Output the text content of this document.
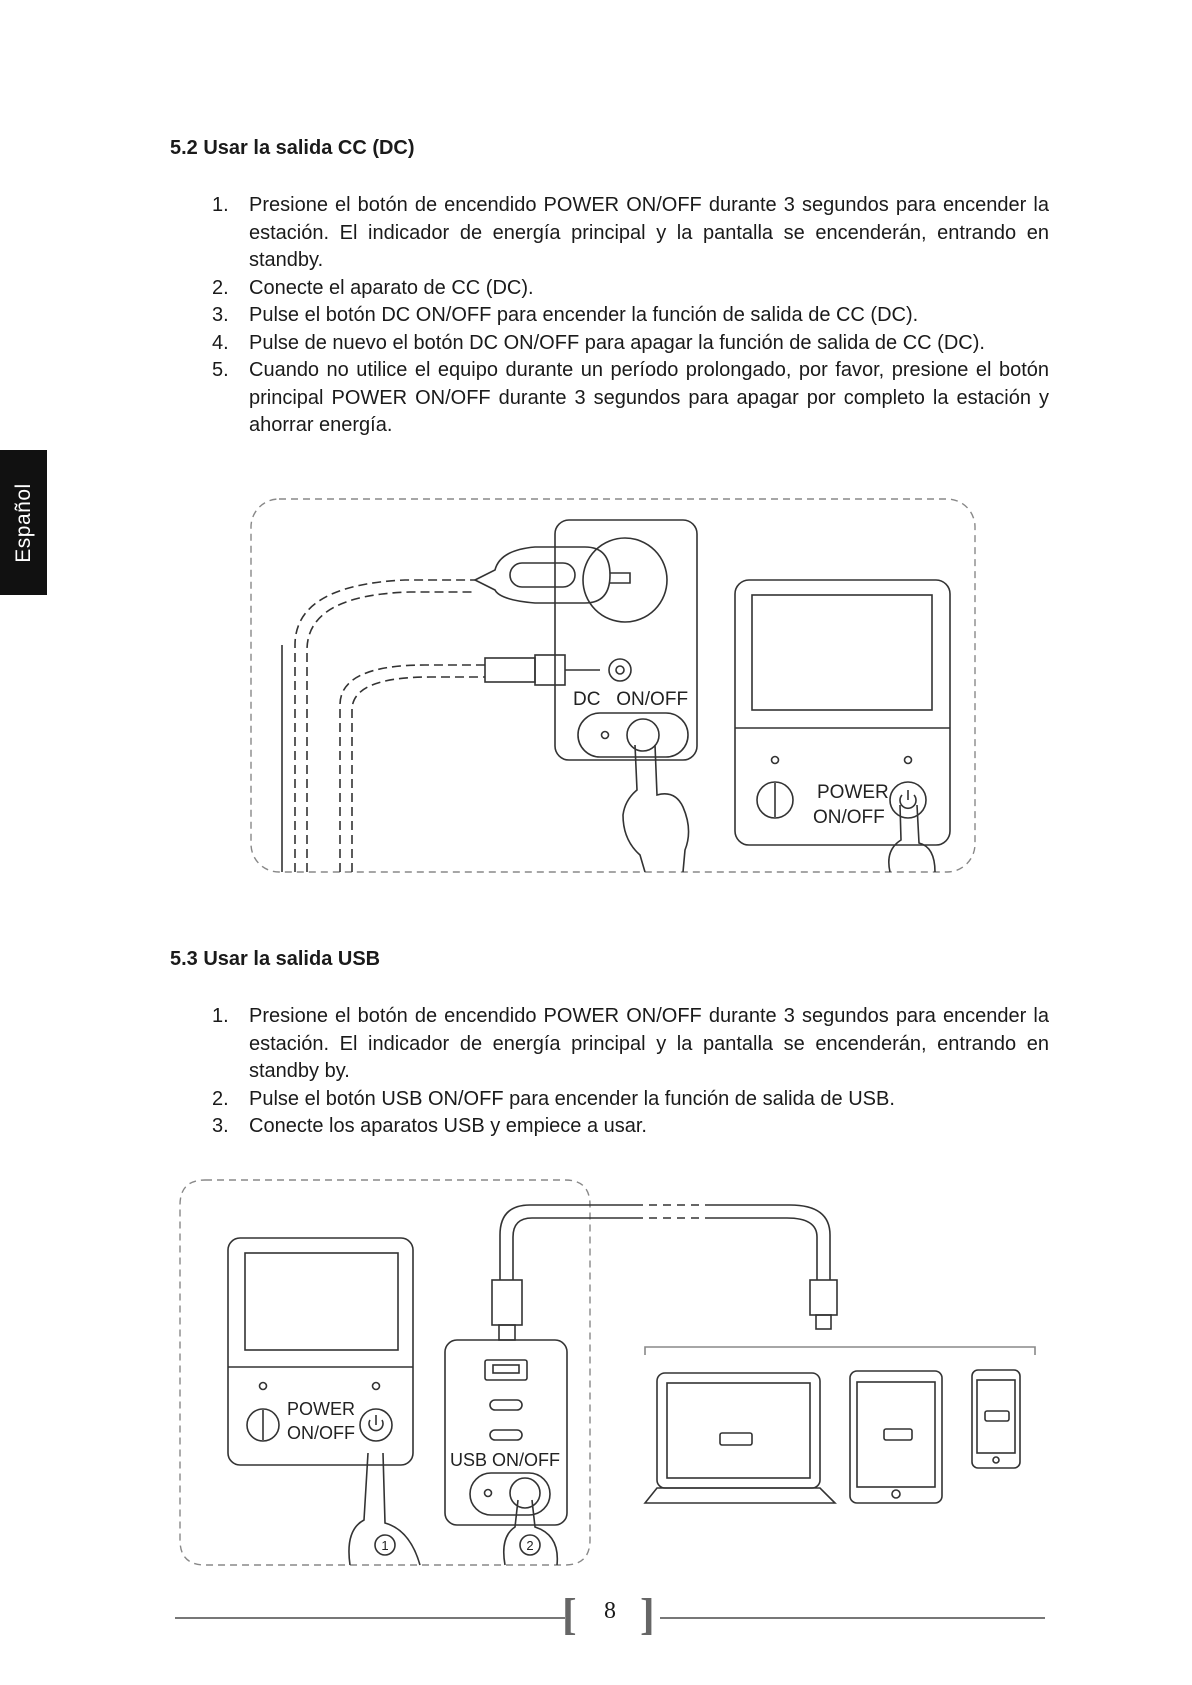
Español
5.2 Usar la salida CC (DC)
1. Presione el botón de encendido POWER ON/OFF durante 3 segundos para encender la estación. El indicador de energía principal y la pantalla se encenderán, entrando en standby.
2. Conecte el aparato de CC (DC).
3. Pulse el botón DC ON/OFF para encender la función de salida de CC (DC).
4. Pulse de nuevo el botón DC ON/OFF para apagar la función de salida de CC (DC).
5. Cuando no utilice el equipo durante un período prolongado, por favor, presione el botón principal POWER ON/OFF durante 3 segundos para apagar por completo la estación y ahorrar energía.
DC   ON/OFF
POWER
ON/OFF
5.3 Usar la salida USB
1. Presione el botón de encendido POWER ON/OFF durante 3 segundos para encender la estación. El indicador de energía principal y la pantalla se encenderán, entrando en standby by.
2. Pulse el botón USB ON/OFF para encender la función de salida de USB.
3. Conecte los aparatos USB y empiece a usar.
POWER
ON/OFF
USB ON/OFF
1	2
[	8 ]
